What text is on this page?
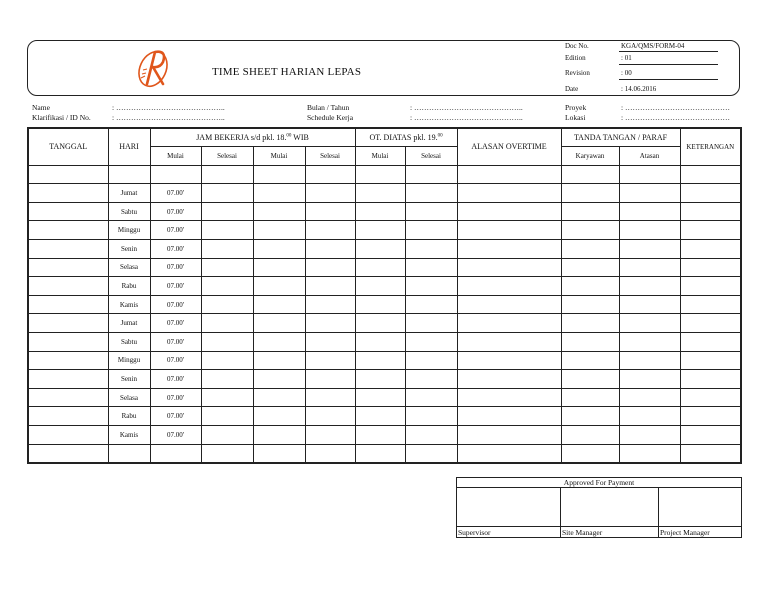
TIME SHEET HARIAN LEPAS
Doc No.	KGA/QMS/FORM-04
Edition	: 01
Revision	: 00
Date	: 14.06.2016
Name	: ……………………………………..
Klarifikasi / ID No.	: ……………………………………..
Bulan / Tahun	: ……………………………………..
Schedule Kerja	: ……………………………………..
Proyek	: ……………………………………
Lokasi	: ……………………………………
TANGGAL	HARI	JAM BEKERJA s/d pkl. 18.00 WIB				OT. DIATAS pkl. 19.00		ALASAN OVERTIME	TANDA TANGAN / PARAF		KETERANGAN
		Mulai	Selesai	Mulai	Selesai	Mulai	Selesai		Karyawan	Atasan	

	Jumat	07.00'									
	Sabtu	07.00'									
	Minggu	07.00'									
	Senin	07.00'									
	Selasa	07.00'									
	Rabu	07.00'									
	Kamis	07.00'									
	Jumat	07.00'									
	Sabtu	07.00'									
	Minggu	07.00'									
	Senin	07.00'									
	Selasa	07.00'									
	Rabu	07.00'									
	Kamis	07.00'									

Approved For Payment		

Supervisor	Site Manager	Project Manager
